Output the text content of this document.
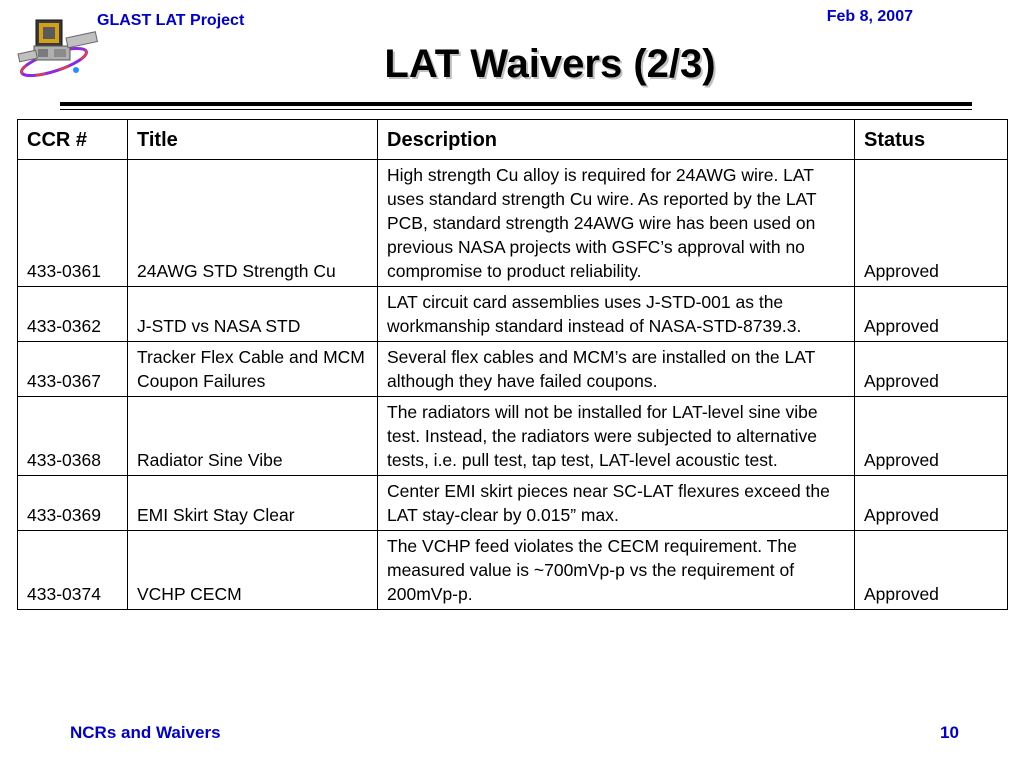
GLAST LAT Project	Feb 8, 2007
LAT Waivers (2/3)
CCR #	Title	Description	Status
433-0361	24AWG STD Strength Cu	High strength Cu alloy is required for 24AWG wire. LAT uses standard strength Cu wire. As reported by the LAT PCB, standard strength 24AWG wire has been used on previous NASA projects with GSFC’s approval with no compromise to product reliability.	Approved
433-0362	J-STD vs NASA STD	LAT circuit card assemblies uses J-STD-001 as the workmanship standard instead of NASA-STD-8739.3.	Approved
433-0367	Tracker Flex Cable and MCM Coupon Failures	Several flex cables and MCM’s are installed on the LAT although they have failed coupons.	Approved
433-0368	Radiator Sine Vibe	The radiators will not be installed for LAT-level sine vibe test. Instead, the radiators were subjected to alternative tests, i.e. pull test, tap test, LAT-level acoustic test.	Approved
433-0369	EMI Skirt Stay Clear	Center EMI skirt pieces near SC-LAT flexures exceed the LAT stay-clear by 0.015” max.	Approved
433-0374	VCHP CECM	The VCHP feed violates the CECM requirement. The measured value is ~700mVp-p vs the requirement of 200mVp-p.	Approved
NCRs and Waivers	10
